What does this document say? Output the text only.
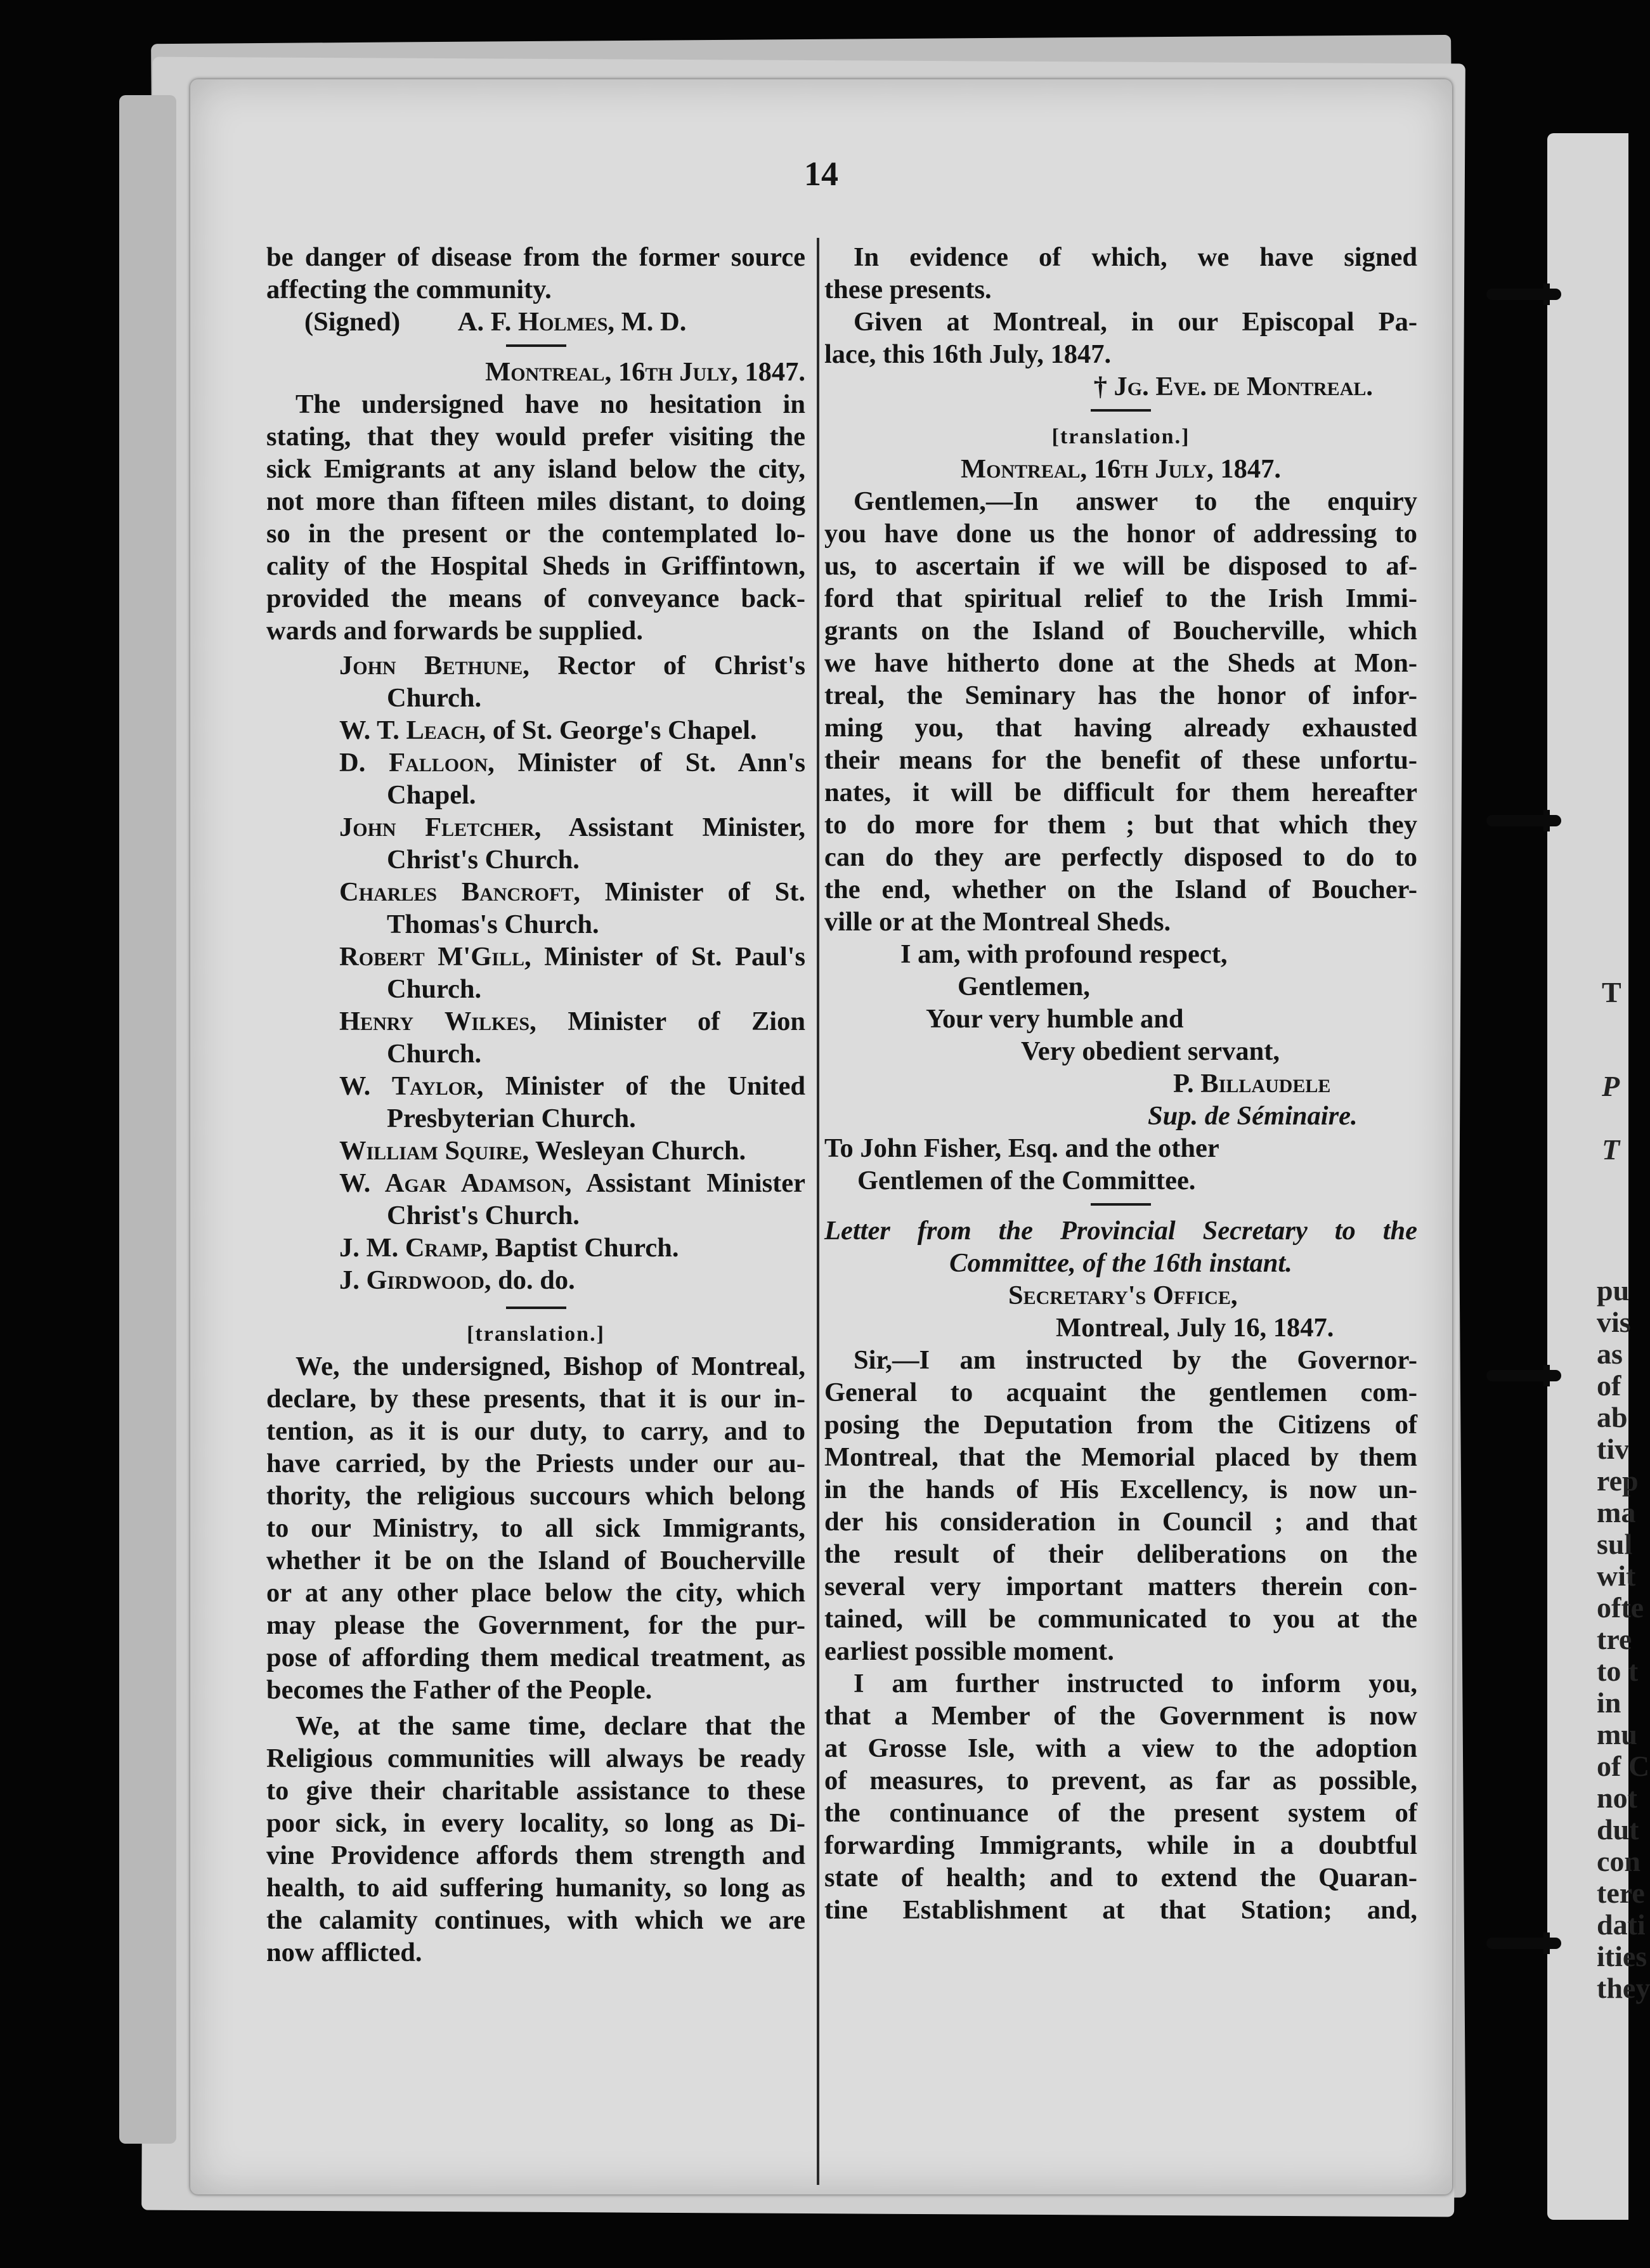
T
P
T
pu
vis
as
of
ab
tiv
rep
ma
sul
wit
ofte
tre
to t
in
mu
of C
not
dut
con
tere
dati
ities
they
14

be danger of disease from the former source

affecting the community.

(Signed) A. F. Holmes, M. D.

Montreal, 16th July, 1847.

The undersigned have no hesitation in

stating, that they would prefer visiting the

sick Emigrants at any island below the city,

not more than fifteen miles distant, to doing

so in the present or the contemplated lo-

cality of the Hospital Sheds in Griffintown,

provided the means of conveyance back-

wards and forwards be supplied.

John Bethune, Rector of Christ's

Church.

W. T. Leach, of St. George's Chapel.

D. Falloon, Minister of St. Ann's

Chapel.

John Fletcher, Assistant Minister,

Christ's Church.

Charles Bancroft, Minister of St.

Thomas's Church.

Robert M'Gill, Minister of St. Paul's

Church.

Henry Wilkes, Minister of Zion

Church.

W. Taylor, Minister of the United

Presbyterian Church.

William Squire, Wesleyan Church.

W. Agar Adamson, Assistant Minister

Christ's Church.

J. M. Cramp, Baptist Church.

J. Girdwood, do. do.

[translation.]

We, the undersigned, Bishop of Montreal,

declare, by these presents, that it is our in-

tention, as it is our duty, to carry, and to

have carried, by the Priests under our au-

thority, the religious succours which belong

to our Ministry, to all sick Immigrants,

whether it be on the Island of Boucherville

or at any other place below the city, which

may please the Government, for the pur-

pose of affording them medical treatment, as

becomes the Father of the People.

We, at the same time, declare that the

Religious communities will always be ready

to give their charitable assistance to these

poor sick, in every locality, so long as Di-

vine Providence affords them strength and

health, to aid suffering humanity, so long as

the calamity continues, with which we are

now afflicted.

In evidence of which, we have signed

these presents.

Given at Montreal, in our Episcopal Pa-

lace, this 16th July, 1847.

† Jg. Eve. de Montreal.

[translation.]

Montreal, 16th July, 1847.

Gentlemen,—In answer to the enquiry

you have done us the honor of addressing to

us, to ascertain if we will be disposed to af-

ford that spiritual relief to the Irish Immi-

grants on the Island of Boucherville, which

we have hitherto done at the Sheds at Mon-

treal, the Seminary has the honor of infor-

ming you, that having already exhausted

their means for the benefit of these unfortu-

nates, it will be difficult for them hereafter

to do more for them ; but that which they

can do they are perfectly disposed to do to

the end, whether on the Island of Boucher-

ville or at the Montreal Sheds.

I am, with profound respect,

Gentlemen,

Your very humble and

Very obedient servant,

P. Billaudele

Sup. de Séminaire.

To John Fisher, Esq. and the other

Gentlemen of the Committee.

Letter from the Provincial Secretary to the

Committee, of the 16th instant.

Secretary's Office,

Montreal, July 16, 1847.

Sir,—I am instructed by the Governor-

General to acquaint the gentlemen com-

posing the Deputation from the Citizens of

Montreal, that the Memorial placed by them

in the hands of His Excellency, is now un-

der his consideration in Council ; and that

the result of their deliberations on the

several very important matters therein con-

tained, will be communicated to you at the

earliest possible moment.

I am further instructed to inform you,

that a Member of the Government is now

at Grosse Isle, with a view to the adoption

of measures, to prevent, as far as possible,

the continuance of the present system of

forwarding Immigrants, while in a doubtful

state of health; and to extend the Quaran-

tine Establishment at that Station; and,
